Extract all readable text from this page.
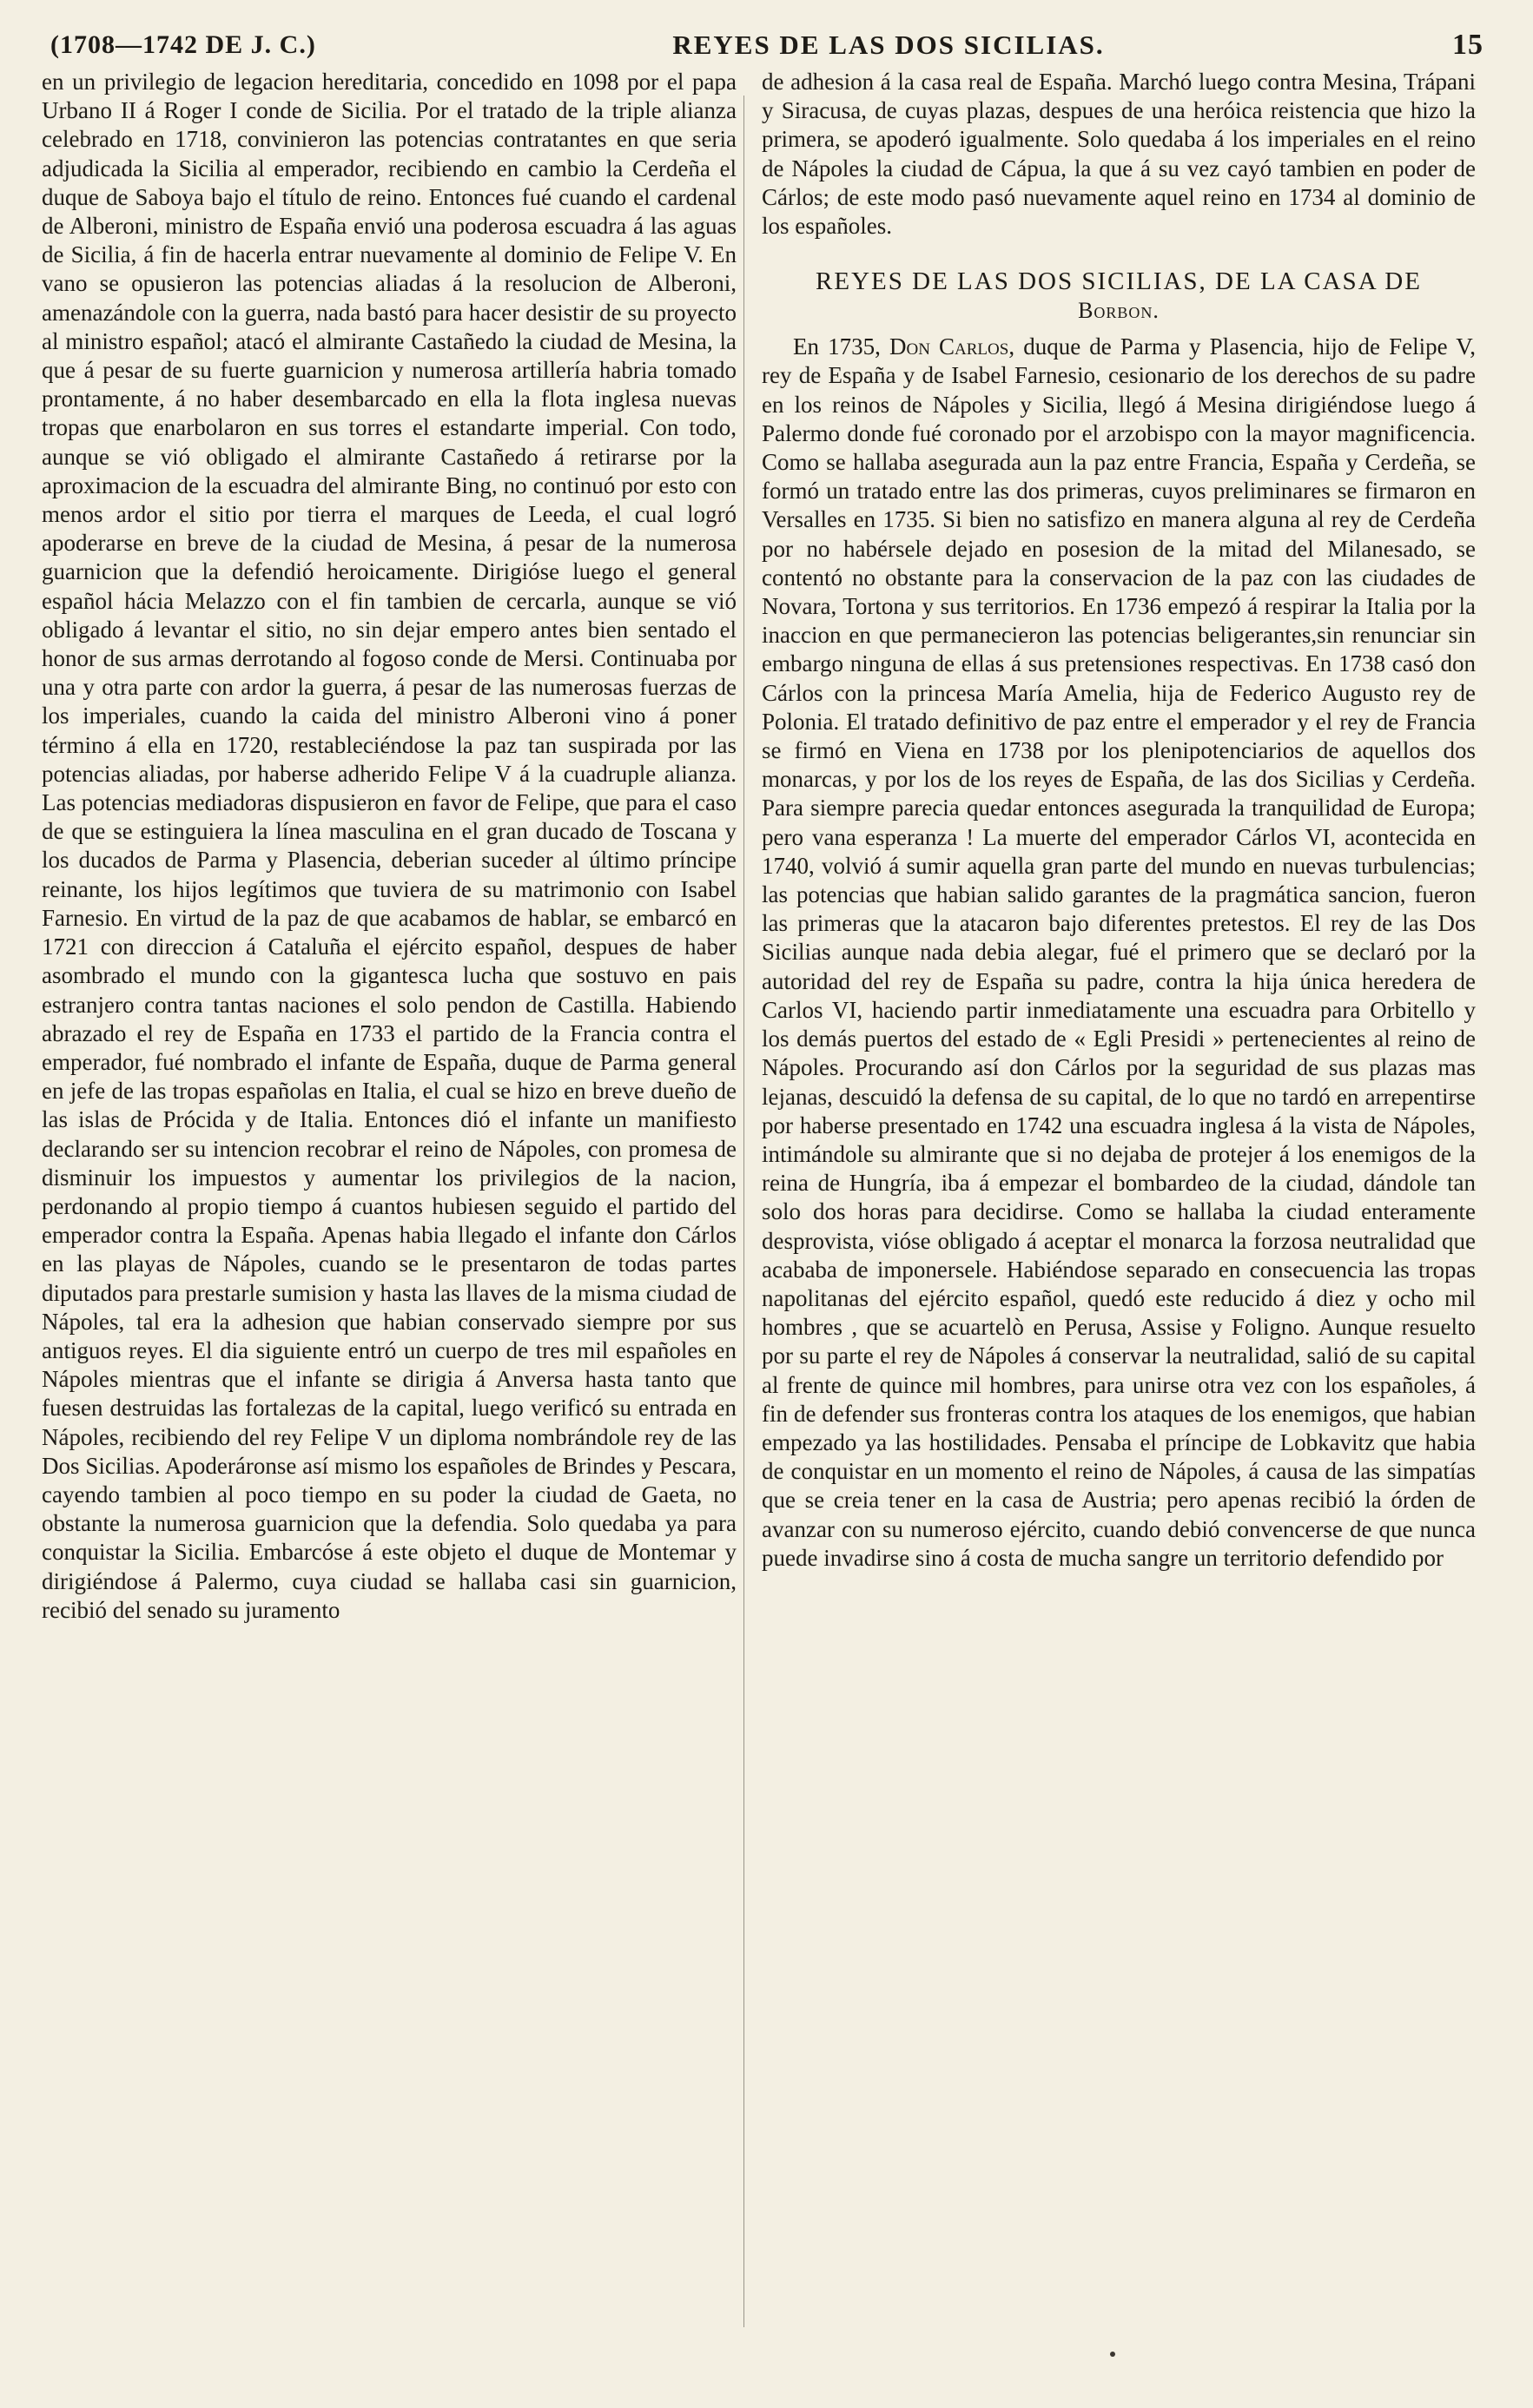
(1708—1742 DE J. C.)	REYES DE LAS DOS SICILIAS.	15

en un privilegio de legacion hereditaria, concedido en 1098 por el papa Urbano II á Roger I conde de Sicilia. Por el tratado de la triple alianza celebrado en 1718, convinieron las potencias contratantes en que seria adjudicada la Sicilia al emperador, recibiendo en cambio la Cerdeña el duque de Saboya bajo el título de reino. Entonces fué cuando el cardenal de Alberoni, ministro de España envió una poderosa escuadra á las aguas de Sicilia, á fin de hacerla entrar nuevamente al dominio de Felipe V. En vano se opusieron las potencias aliadas á la resolucion de Alberoni, amenazándole con la guerra, nada bastó para hacer desistir de su proyecto al ministro español; atacó el almirante Castañedo la ciudad de Mesina, la que á pesar de su fuerte guarnicion y numerosa artillería habria tomado prontamente, á no haber desembarcado en ella la flota inglesa nuevas tropas que enarbolaron en sus torres el estandarte imperial. Con todo, aunque se vió obligado el almirante Castañedo á retirarse por la aproximacion de la escuadra del almirante Bing, no continuó por esto con menos ardor el sitio por tierra el marques de Leeda, el cual logró apoderarse en breve de la ciudad de Mesina, á pesar de la numerosa guarnicion que la defendió heroicamente. Dirigióse luego el general español hácia Melazzo con el fin tambien de cercarla, aunque se vió obligado á levantar el sitio, no sin dejar empero antes bien sentado el honor de sus armas derrotando al fogoso conde de Mersi. Continuaba por una y otra parte con ardor la guerra, á pesar de las numerosas fuerzas de los imperiales, cuando la caida del ministro Alberoni vino á poner término á ella en 1720, restableciéndose la paz tan suspirada por las potencias aliadas, por haberse adherido Felipe V á la cuadruple alianza. Las potencias mediadoras dispusieron en favor de Felipe, que para el caso de que se estinguiera la línea masculina en el gran ducado de Toscana y los ducados de Parma y Plasencia, deberian suceder al último príncipe reinante, los hijos legítimos que tuviera de su matrimonio con Isabel Farnesio. En virtud de la paz de que acabamos de hablar, se embarcó en 1721 con direccion á Cataluña el ejército español, despues de haber asombrado el mundo con la gigantesca lucha que sostuvo en pais estranjero contra tantas naciones el solo pendon de Castilla. Habiendo abrazado el rey de España en 1733 el partido de la Francia contra el emperador, fué nombrado el infante de España, duque de Parma general en jefe de las tropas españolas en Italia, el cual se hizo en breve dueño de las islas de Prócida y de Italia. Entonces dió el infante un manifiesto declarando ser su intencion recobrar el reino de Nápoles, con promesa de disminuir los impuestos y aumentar los privilegios de la nacion, perdonando al propio tiempo á cuantos hubiesen seguido el partido del emperador contra la España. Apenas habia llegado el infante don Cárlos en las playas de Nápoles, cuando se le presentaron de todas partes diputados para prestarle sumision y hasta las llaves de la misma ciudad de Nápoles, tal era la adhesion que habian conservado siempre por sus antiguos reyes. El dia siguiente entró un cuerpo de tres mil españoles en Nápoles mientras que el infante se dirigia á Anversa hasta tanto que fuesen destruidas las fortalezas de la capital, luego verificó su entrada en Nápoles, recibiendo del rey Felipe V un diploma nombrándole rey de las Dos Sicilias. Apoderáronse así mismo los españoles de Brindes y Pescara, cayendo tambien al poco tiempo en su poder la ciudad de Gaeta, no obstante la numerosa guarnicion que la defendia. Solo quedaba ya para conquistar la Sicilia. Embarcóse á este objeto el duque de Montemar y dirigiéndose á Palermo, cuya ciudad se hallaba casi sin guarnicion, recibió del senado su juramento

de adhesion á la casa real de España. Marchó luego contra Mesina, Trápani y Siracusa, de cuyas plazas, despues de una heróica reistencia que hizo la primera, se apoderó igualmente. Solo quedaba á los imperiales en el reino de Nápoles la ciudad de Cápua, la que á su vez cayó tambien en poder de Cárlos; de este modo pasó nuevamente aquel reino en 1734 al dominio de los españoles.

REYES DE LAS DOS SICILIAS, DE LA CASA DE
Borbon.

En 1735, Don Carlos, duque de Parma y Plasencia, hijo de Felipe V, rey de España y de Isabel Farnesio, cesionario de los derechos de su padre en los reinos de Nápoles y Sicilia, llegó á Mesina dirigiéndose luego á Palermo donde fué coronado por el arzobispo con la mayor magnificencia. Como se hallaba asegurada aun la paz entre Francia, España y Cerdeña, se formó un tratado entre las dos primeras, cuyos preliminares se firmaron en Versalles en 1735. Si bien no satisfizo en manera alguna al rey de Cerdeña por no habérsele dejado en posesion de la mitad del Milanesado, se contentó no obstante para la conservacion de la paz con las ciudades de Novara, Tortona y sus territorios. En 1736 empezó á respirar la Italia por la inaccion en que permanecieron las potencias beligerantes,sin renunciar sin embargo ninguna de ellas á sus pretensiones respectivas. En 1738 casó don Cárlos con la princesa María Amelia, hija de Federico Augusto rey de Polonia. El tratado definitivo de paz entre el emperador y el rey de Francia se firmó en Viena en 1738 por los plenipotenciarios de aquellos dos monarcas, y por los de los reyes de España, de las dos Sicilias y Cerdeña. Para siempre parecia quedar entonces asegurada la tranquilidad de Europa; pero vana esperanza ! La muerte del emperador Cárlos VI, acontecida en 1740, volvió á sumir aquella gran parte del mundo en nuevas turbulencias; las potencias que habian salido garantes de la pragmática sancion, fueron las primeras que la atacaron bajo diferentes pretestos. El rey de las Dos Sicilias aunque nada debia alegar, fué el primero que se declaró por la autoridad del rey de España su padre, contra la hija única heredera de Carlos VI, haciendo partir inmediatamente una escuadra para Orbitello y los demás puertos del estado de « Egli Presidi » pertenecientes al reino de Nápoles. Procurando así don Cárlos por la seguridad de sus plazas mas lejanas, descuidó la defensa de su capital, de lo que no tardó en arrepentirse por haberse presentado en 1742 una escuadra inglesa á la vista de Nápoles, intimándole su almirante que si no dejaba de protejer á los enemigos de la reina de Hungría, iba á empezar el bombardeo de la ciudad, dándole tan solo dos horas para decidirse. Como se hallaba la ciudad enteramente desprovista, vióse obligado á aceptar el monarca la forzosa neutralidad que acababa de imponersele. Habiéndose separado en consecuencia las tropas napolitanas del ejército español, quedó este reducido á diez y ocho mil hombres , que se acuartelò en Perusa, Assise y Foligno. Aunque resuelto por su parte el rey de Nápoles á conservar la neutralidad, salió de su capital al frente de quince mil hombres, para unirse otra vez con los españoles, á fin de defender sus fronteras contra los ataques de los enemigos, que habian empezado ya las hostilidades. Pensaba el príncipe de Lobkavitz que habia de conquistar en un momento el reino de Nápoles, á causa de las simpatías que se creia tener en la casa de Austria; pero apenas recibió la órden de avanzar con su numeroso ejército, cuando debió convencerse de que nunca puede invadirse sino á costa de mucha sangre un territorio defendido por
